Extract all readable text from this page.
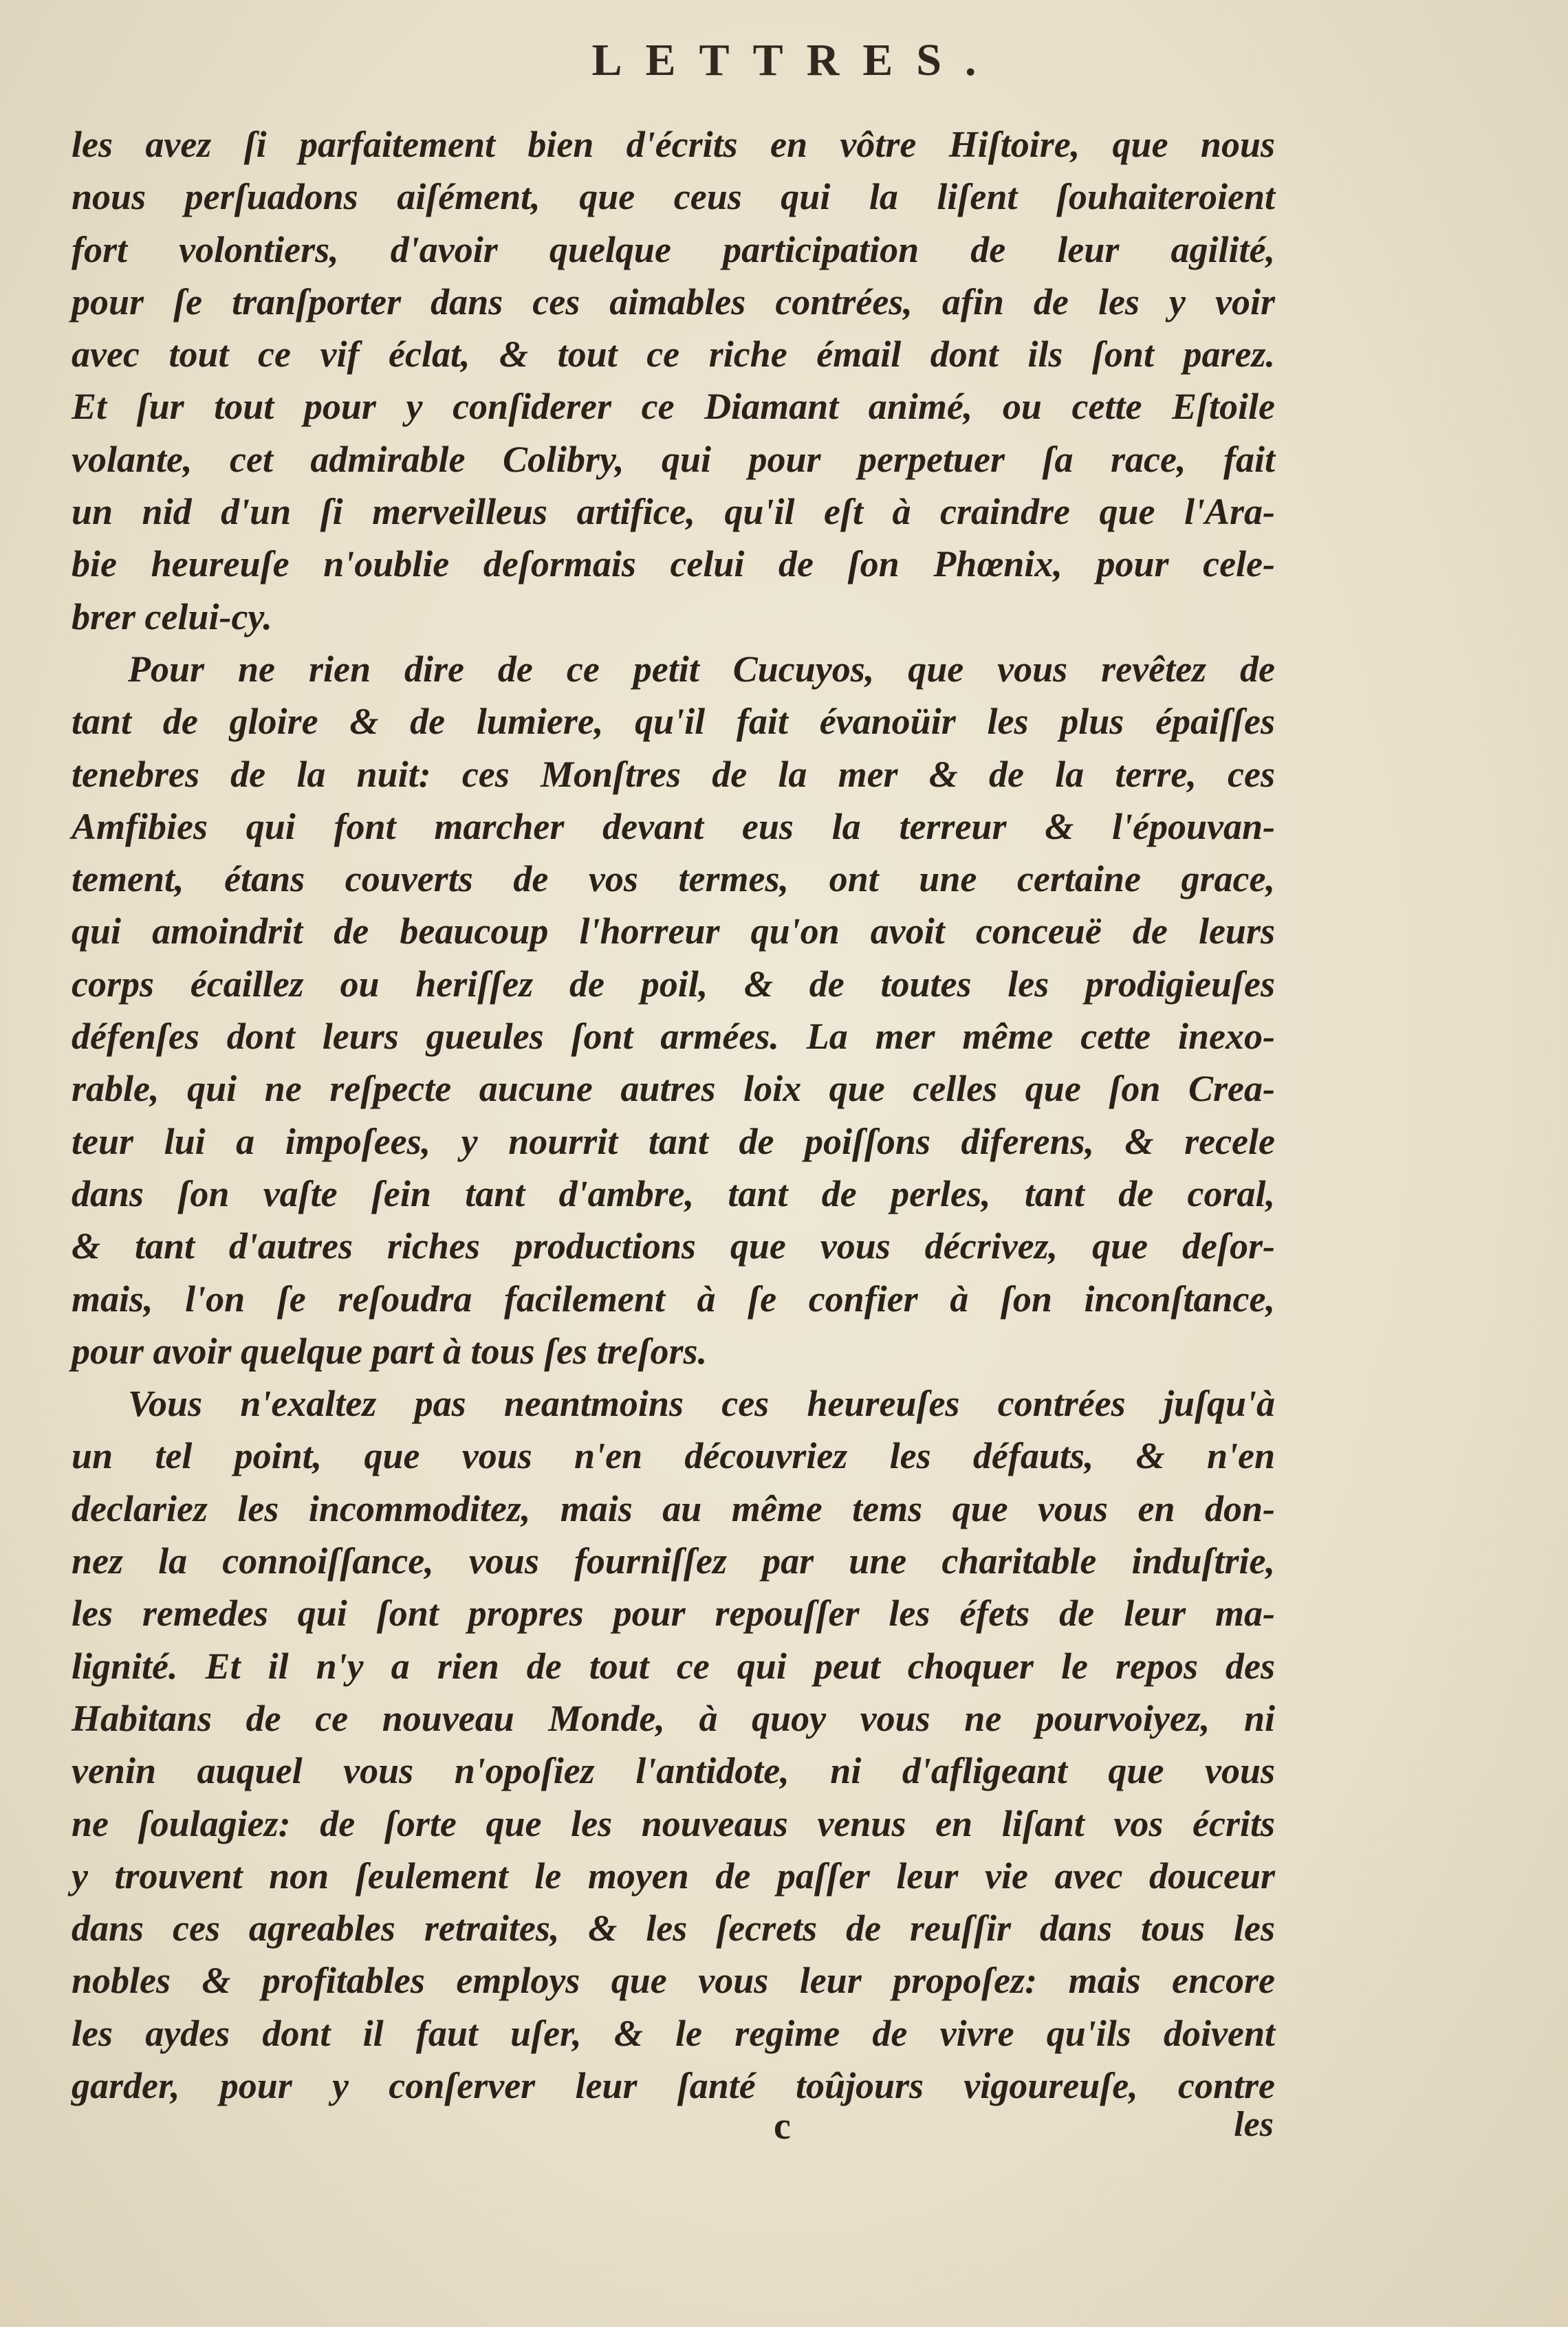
LETTRES.
les avez ſi parfaitement bien d'écrits en vôtre Hiſtoire, que nous
nous perſuadons aiſément, que ceus qui la liſent ſouhaiteroient
fort volontiers, d'avoir quelque participation de leur agilité,
pour ſe tranſporter dans ces aimables contrées, afin de les y voir
avec tout ce vif éclat, & tout ce riche émail dont ils ſont parez.
Et ſur tout pour y conſiderer ce Diamant animé, ou cette Eſtoile
volante, cet admirable Colibry, qui pour perpetuer ſa race, fait
un nid d'un ſi merveilleus artifice, qu'il eſt à craindre que l'Ara-
bie heureuſe n'oublie deſormais celui de ſon Phœnix, pour cele-
brer celui-cy.
Pour ne rien dire de ce petit Cucuyos, que vous revêtez de
tant de gloire & de lumiere, qu'il fait évanoüir les plus épaiſſes
tenebres de la nuit: ces Monſtres de la mer & de la terre, ces
Amfibies qui font marcher devant eus la terreur & l'épouvan-
tement, étans couverts de vos termes, ont une certaine grace,
qui amoindrit de beaucoup l'horreur qu'on avoit conceuë de leurs
corps écaillez ou heriſſez de poil, & de toutes les prodigieuſes
défenſes dont leurs gueules ſont armées. La mer même cette inexo-
rable, qui ne reſpecte aucune autres loix que celles que ſon Crea-
teur lui a impoſees, y nourrit tant de poiſſons diferens, & recele
dans ſon vaſte ſein tant d'ambre, tant de perles, tant de coral,
& tant d'autres riches productions que vous décrivez, que deſor-
mais, l'on ſe reſoudra facilement à ſe confier à ſon inconſtance,
pour avoir quelque part à tous ſes treſors.
Vous n'exaltez pas neantmoins ces heureuſes contrées juſqu'à
un tel point, que vous n'en découvriez les défauts, & n'en
declariez les incommoditez, mais au même tems que vous en don-
nez la connoiſſance, vous fourniſſez par une charitable induſtrie,
les remedes qui ſont propres pour repouſſer les éfets de leur ma-
lignité. Et il n'y a rien de tout ce qui peut choquer le repos des
Habitans de ce nouveau Monde, à quoy vous ne pourvoiyez, ni
venin auquel vous n'opoſiez l'antidote, ni d'afligeant que vous
ne ſoulagiez: de ſorte que les nouveaus venus en liſant vos écrits
y trouvent non ſeulement le moyen de paſſer leur vie avec douceur
dans ces agreables retraites, & les ſecrets de reuſſir dans tous les
nobles & profitables employs que vous leur propoſez: mais encore
les aydes dont il faut uſer, & le regime de vivre qu'ils doivent
garder, pour y conſerver leur ſanté toûjours vigoureuſe, contre
c	les
